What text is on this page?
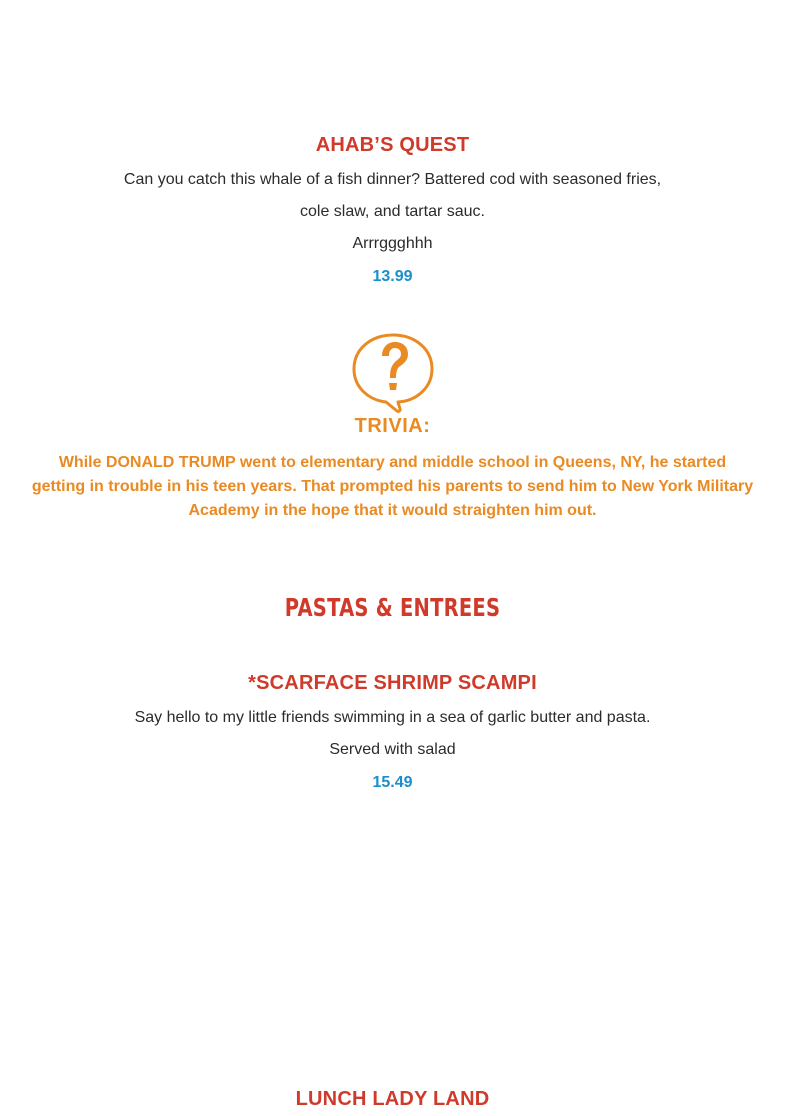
AHAB’S QUEST
Can you catch this whale of a fish dinner? Battered cod with seasoned fries,
cole slaw, and tartar sauc.
Arrrggghhh
13.99
TRIVIA:
While DONALD TRUMP went to elementary and middle school in Queens, NY, he started getting in trouble in his teen years. That prompted his parents to send him to New York Military Academy in the hope that it would straighten him out.
PASTAS & ENTREES
*SCARFACE SHRIMP SCAMPI
Say hello to my little friends swimming in a sea of garlic butter and pasta.
Served with salad
15.49
LUNCH LADY LAND
